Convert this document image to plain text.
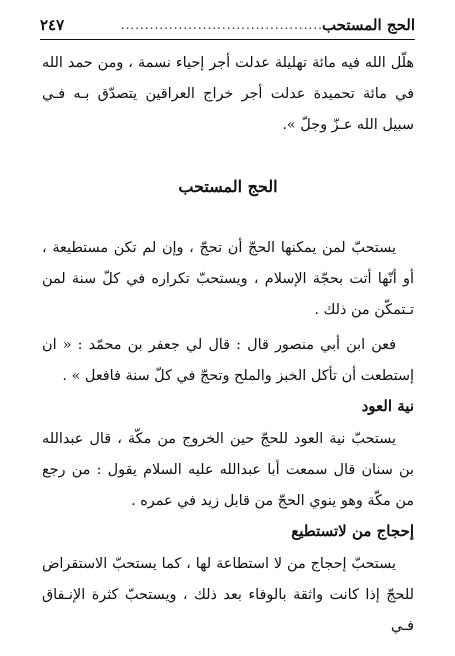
الحج المستحب
..........................................
٢٤٧

هلّل الله فيه مائة تهليلة عدلت أجر إحياء نسمة ، ومن حمد الله في مائة تحميدة عدلت أجر خراج العراقين يتصدّق بـه فـي سبيل الله عـزّ وجلّ ».

الحج المستحب

يستحبّ لمن يمكنها الحجّ أن تحجّ ، وإن لم تكن مستطيعة ، أو أنّها أتت بحجّة الإسلام ، ويستحبّ تكراره في كلّ سنة لمن تـتمكّن من ذلك .

فعن ابن أبي منصور قال : قال لي جعفر بن محمّد : « ان إستطعت أن تأكل الخبز والملح وتحجّ في كلّ سنة فافعل » .

نية العود

يستحبّ نية العود للحجّ حين الخروج من مكّة ، قال عبدالله بن سنان قال سمعت أبا عبدالله عليه السلام يقول : من رجع من مكّة وهو ينوي الحجّ من قابل زيد في عمره .

إحجاج من لاتستطيع

يستحبّ إحجاج من لا استطاعة لها ، كما يستحبّ الاستقراض للحجّ إذا كانت واثقة بالوفاء بعد ذلك ، ويستحبّ كثرة الإنـفاق فـي
